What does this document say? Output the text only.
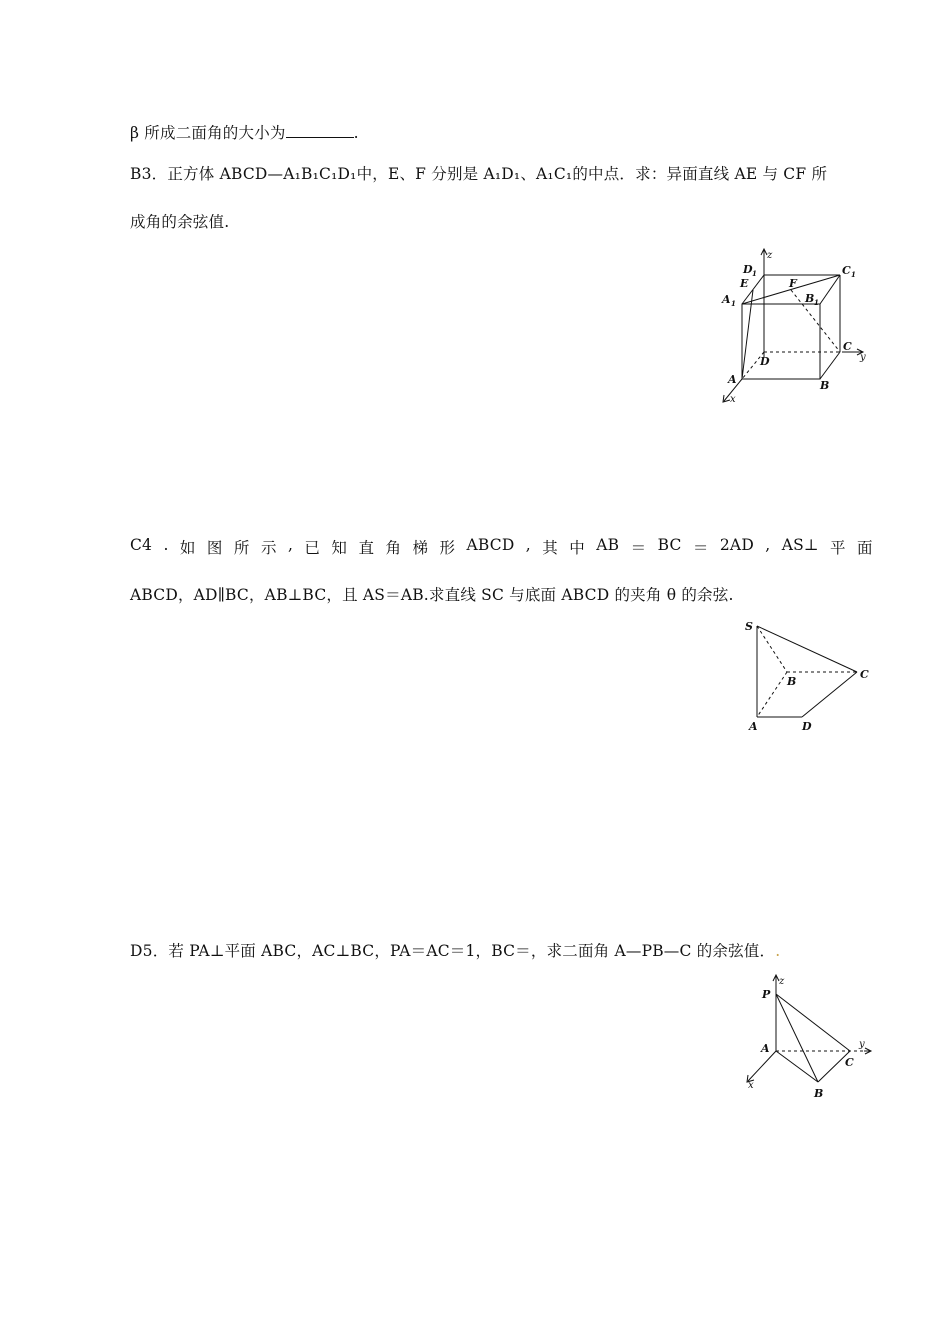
β 所成二面角的大小为	.
B3．正方体 ABCD—A₁B₁C₁D₁中，E、F 分别是 A₁D₁、A₁C₁的中点．求：异面直线 AE 与 CF 所
成角的余弦值.
z
D 1	C 1
E	F
A 1	B 1
C
y
D
A	B
x
C4 . 如 图 所 示 , 已 知 直 角 梯 形 ABCD , 其 中 AB ＝ BC ＝ 2AD , AS⊥ 平 面
ABCD，AD∥BC，AB⊥BC，且 AS＝AB.求直线 SC 与底面 ABCD 的夹角 θ 的余弦.
S
B
C
A	D
D5．若 PA⊥平面 ABC，AC⊥BC，PA＝AC＝1，BC＝，求二面角 A—PB—C 的余弦值．.
z
P
A
C
y
x
B
